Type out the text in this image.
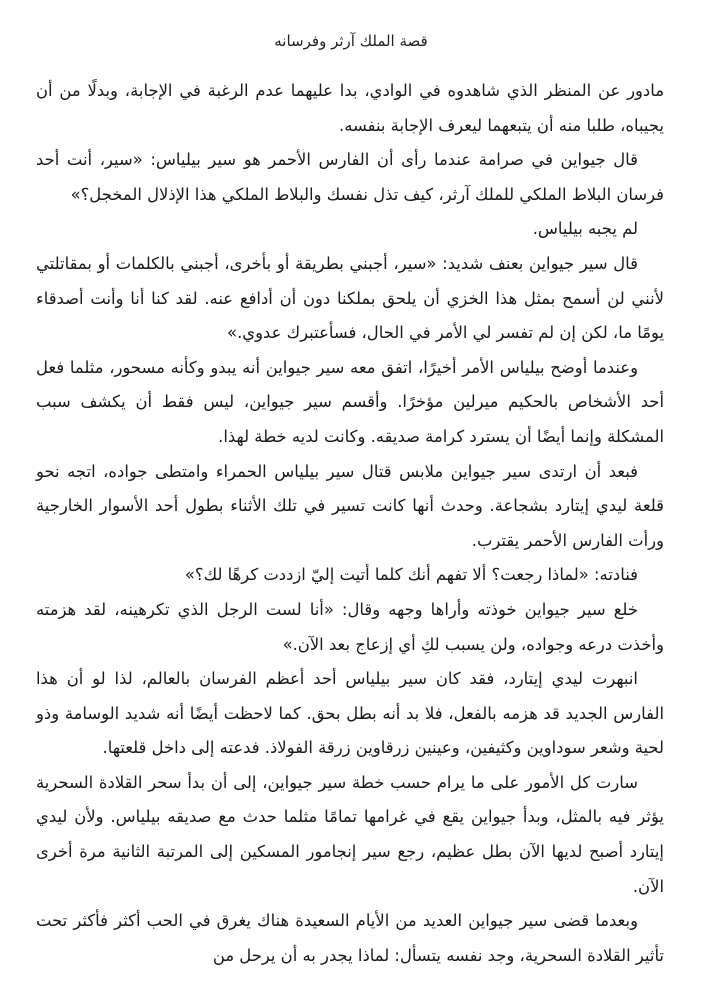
قصة الملك آرثر وفرسانه

مادور عن المنظر الذي شاهدوه في الوادي، بدا عليهما عدم الرغبة في الإجابة، وبدلًا من أن يجيباه، طلبا منه أن يتبعهما ليعرف الإجابة بنفسه.

قال جيواين في صرامة عندما رأى أن الفارس الأحمر هو سير بيلياس: «سير، أنت أحد فرسان البلاط الملكي للملك آرثر، كيف تذل نفسك والبلاط الملكي هذا الإذلال المخجل؟»

لم يجبه بيلياس.

قال سير جيواين بعنف شديد: «سير، أجبني بطريقة أو بأخرى، أجبني بالكلمات أو بمقاتلتي لأنني لن أسمح بمثل هذا الخزي أن يلحق بملكنا دون أن أدافع عنه. لقد كنا أنا وأنت أصدقاء يومًا ما، لكن إن لم تفسر لي الأمر في الحال، فسأعتبرك عدوي.»

وعندما أوضح بيلياس الأمر أخيرًا، اتفق معه سير جيواين أنه يبدو وكأنه مسحور، مثلما فعل أحد الأشخاص بالحكيم ميرلين مؤخرًا. وأقسم سير جيواين، ليس فقط أن يكشف سبب المشكلة وإنما أيضًا أن يسترد كرامة صديقه. وكانت لديه خطة لهذا.

فبعد أن ارتدى سير جيواين ملابس قتال سير بيلياس الحمراء وامتطى جواده، اتجه نحو قلعة ليدي إيتارد بشجاعة. وحدث أنها كانت تسير في تلك الأثناء بطول أحد الأسوار الخارجية ورأت الفارس الأحمر يقترب.

فنادته: «لماذا رجعت؟ ألا تفهم أنك كلما أتيت إليّ ازددت كرهًا لك؟»

خلع سير جيواين خوذته وأراها وجهه وقال: «أنا لست الرجل الذي تكرهينه، لقد هزمته وأخذت درعه وجواده، ولن يسبب لكِ أي إزعاج بعد الآن.»

انبهرت ليدي إيتارد، فقد كان سير بيلياس أحد أعظم الفرسان بالعالم، لذا لو أن هذا الفارس الجديد قد هزمه بالفعل، فلا بد أنه بطل بحق. كما لاحظت أيضًا أنه شديد الوسامة وذو لحية وشعر سوداوين وكثيفين، وعينين زرقاوين زرقة الفولاذ. فدعته إلى داخل قلعتها.

سارت كل الأمور على ما يرام حسب خطة سير جيواين، إلى أن بدأ سحر القلادة السحرية يؤثر فيه بالمثل، وبدأ جيواين يقع في غرامها تمامًا مثلما حدث مع صديقه بيلياس. ولأن ليدي إيتارد أصبح لديها الآن بطل عظيم، رجع سير إنجامور المسكين إلى المرتبة الثانية مرة أخرى الآن.

وبعدما قضى سير جيواين العديد من الأيام السعيدة هناك يغرق في الحب أكثر فأكثر تحت تأثير القلادة السحرية، وجد نفسه يتسأل: لماذا يجدر به أن يرحل من
